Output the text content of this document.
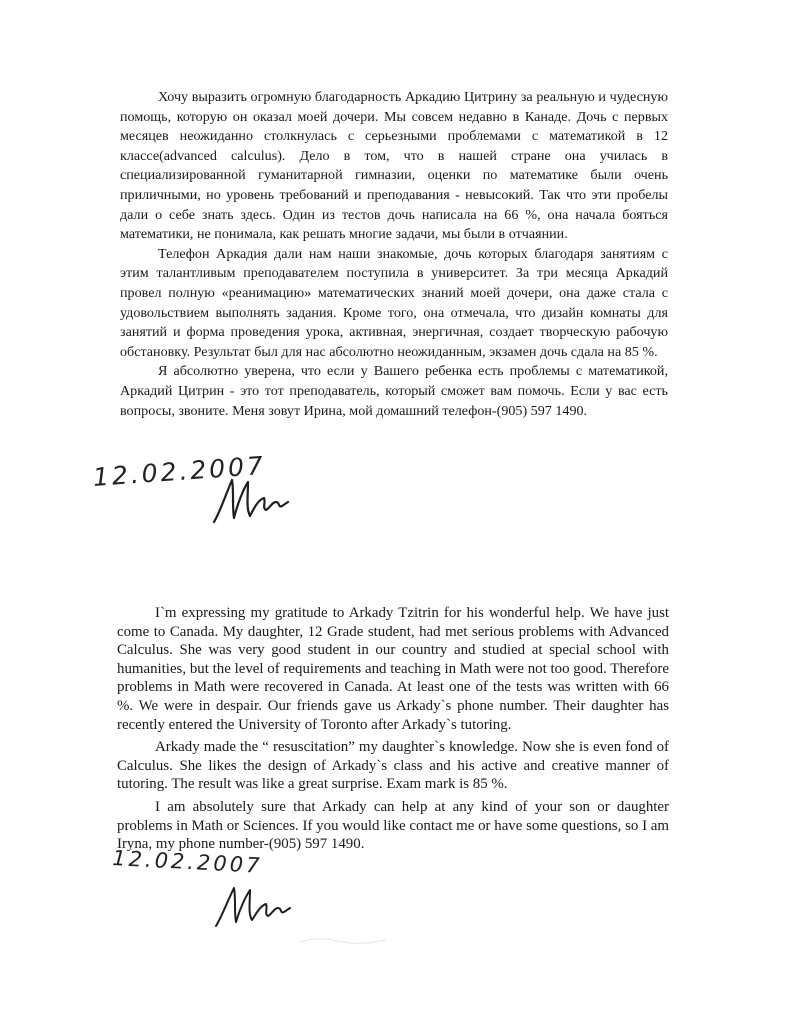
Хочу выразить огромную благодарность Аркадию Цитрину за реальную и чудесную помощь, которую он оказал моей дочери. Мы совсем недавно в Канаде. Дочь с первых месяцев неожиданно столкнулась с серьезными проблемами с математикой в 12 классе(advanced calculus). Дело в том, что в нашей стране она училась в специализированной гуманитарной гимназии, оценки по математике были очень приличными, но уровень требований и преподавания - невысокий. Так что эти пробелы дали о себе знать здесь. Один из тестов дочь написала на 66 %, она начала бояться математики, не понимала, как решать многие задачи, мы были в отчаянии.

Телефон Аркадия дали нам наши знакомые, дочь которых благодаря занятиям с этим талантливым преподавателем поступила в университет. За три месяца Аркадий провел полную «реанимацию» математических знаний моей дочери, она даже стала с удовольствием выполнять задания. Кроме того, она отмечала, что дизайн комнаты для занятий и форма проведения урока, активная, энергичная, создает творческую рабочую обстановку. Результат был для нас абсолютно неожиданным, экзамен дочь сдала на 85 %.

Я абсолютно уверена, что если у Вашего ребенка есть проблемы с математикой, Аркадий Цитрин - это тот преподаватель, который сможет вам помочь. Если у вас есть вопросы, звоните. Меня зовут Ирина, мой домашний телефон-(905) 597 1490.

12.02.2007

I`m expressing my gratitude to Arkady Tzitrin for his wonderful help. We have just come to Canada. My daughter, 12 Grade student, had met serious problems with Advanced Calculus. She was very good student in our country and studied at special school with humanities, but the level of requirements and teaching in Math were not too good. Therefore problems in Math were recovered in Canada. At least one of the tests was written with 66 %. We were in despair. Our friends gave us Arkady`s phone number. Their daughter has recently entered the University of Toronto after Arkady`s tutoring.

Arkady made the “ resuscitation” my daughter`s knowledge. Now she is even fond of Calculus. She likes the design of Arkady`s class and his active and creative manner of tutoring. The result was like a great surprise. Exam mark is 85 %.

I am absolutely sure that Arkady can help at any kind of your son or daughter problems in Math or Sciences. If you would like contact me or have some questions, so I am Iryna, my phone number-(905) 597 1490.

12.02.2007
